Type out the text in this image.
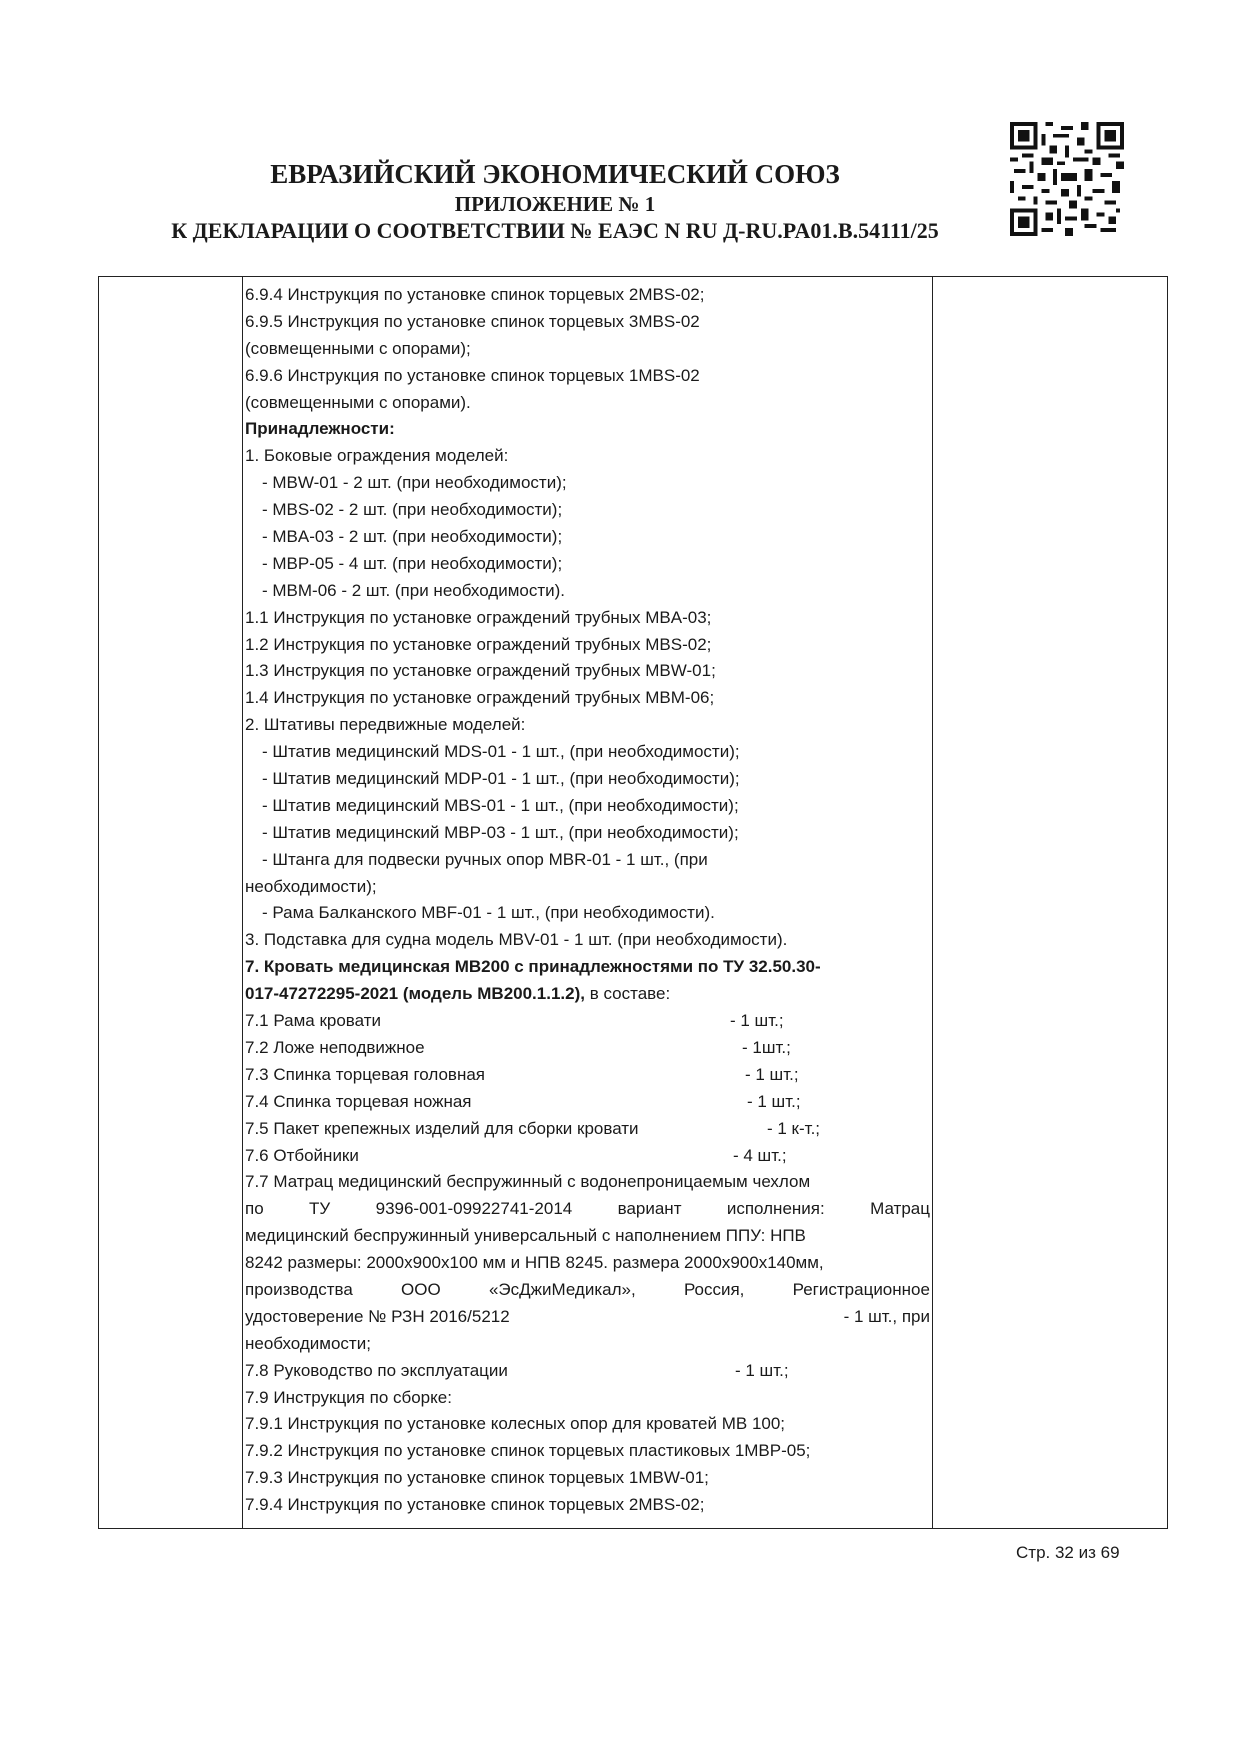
ЕВРАЗИЙСКИЙ ЭКОНОМИЧЕСКИЙ СОЮЗ
ПРИЛОЖЕНИЕ № 1
К ДЕКЛАРАЦИИ О СООТВЕТСТВИИ № ЕАЭС N RU Д-RU.PA01.B.54111/25
6.9.4 Инструкция по установке спинок торцевых 2MBS-02;
6.9.5 Инструкция по установке спинок торцевых 3MBS-02
(совмещенными с опорами);
6.9.6 Инструкция по установке спинок торцевых 1MBS-02
(совмещенными с опорами).
Принадлежности:
1. Боковые ограждения моделей:
- MBW-01 - 2 шт. (при необходимости);
- MBS-02 - 2 шт. (при необходимости);
- MBA-03 - 2 шт. (при необходимости);
- MBP-05 - 4 шт. (при необходимости);
- MBM-06 - 2 шт. (при необходимости).
1.1 Инструкция по установке ограждений трубных MBA-03;
1.2 Инструкция по установке ограждений трубных MBS-02;
1.3 Инструкция по установке ограждений трубных MBW-01;
1.4 Инструкция по установке ограждений трубных MBM-06;
2. Штативы передвижные моделей:
- Штатив медицинский MDS-01 - 1 шт., (при необходимости);
- Штатив медицинский MDP-01 - 1 шт., (при необходимости);
- Штатив медицинский MBS-01 - 1 шт., (при необходимости);
- Штатив медицинский MBP-03 - 1 шт., (при необходимости);
- Штанга для подвески ручных опор MBR-01 - 1 шт., (при
необходимости);
- Рама Балканского MBF-01 - 1 шт., (при необходимости).
3. Подставка для судна модель MBV-01 - 1 шт. (при необходимости).
7. Кровать медицинская MB200 с принадлежностями по ТУ 32.50.30-
017-47272295-2021 (модель MB200.1.1.2), в составе:
7.1 Рама кровати	- 1 шт.;
7.2 Ложе неподвижное	- 1шт.;
7.3 Спинка торцевая головная	- 1 шт.;
7.4 Спинка торцевая ножная	- 1 шт.;
7.5 Пакет крепежных изделий для сборки кровати	- 1 к-т.;
7.6 Отбойники	- 4 шт.;
7.7 Матрац медицинский беспружинный с водонепроницаемым чехлом
по	ТУ	9396-001-09922741-2014	вариант	исполнения:	Матрац
медицинский беспружинный универсальный с наполнением ППУ: НПВ
8242 размеры: 2000х900х100 мм и НПВ 8245. размера 2000х900х140мм,
производства	ООО	«ЭсДжиМедикал»,	Россия,	Регистрационное
удостоверение № РЗН 2016/5212	- 1 шт., при
необходимости;
7.8 Руководство по эксплуатации	- 1 шт.;
7.9 Инструкция по сборке:
7.9.1 Инструкция по установке колесных опор для кроватей MB 100;
7.9.2 Инструкция по установке спинок торцевых пластиковых 1MBP-05;
7.9.3 Инструкция по установке спинок торцевых 1MBW-01;
7.9.4 Инструкция по установке спинок торцевых 2MBS-02;
Стр. 32 из 69
